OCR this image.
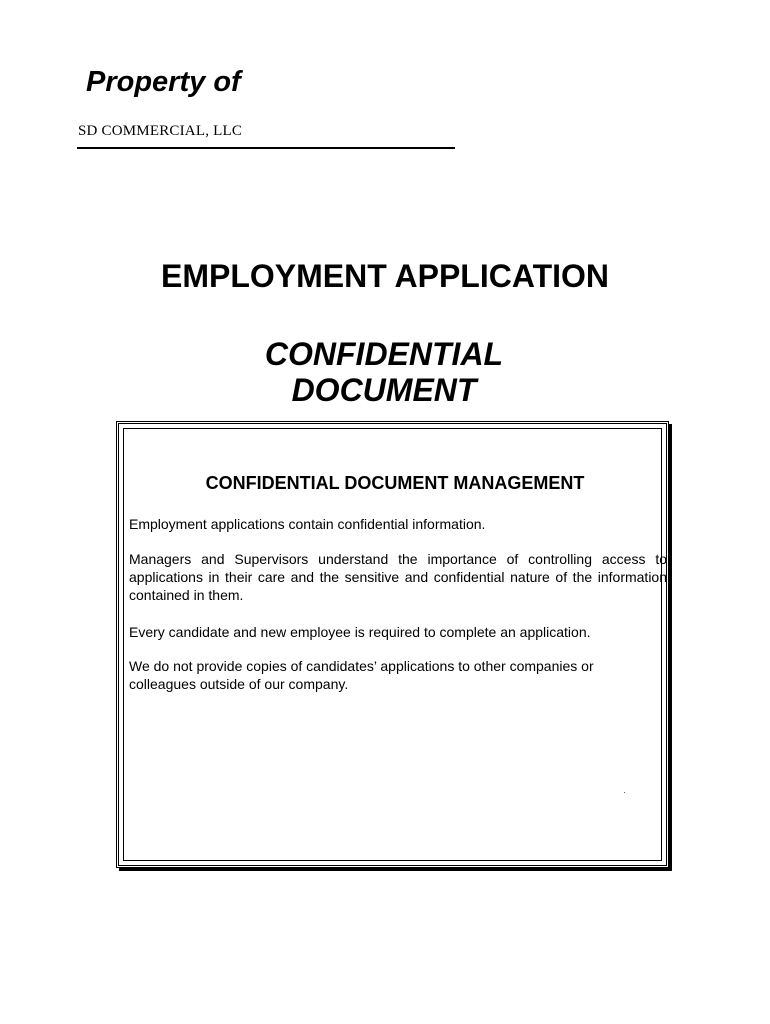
Property of
SD COMMERCIAL, LLC
EMPLOYMENT APPLICATION
CONFIDENTIAL
DOCUMENT
CONFIDENTIAL DOCUMENT MANAGEMENT

Employment applications contain confidential information.

Managers and Supervisors understand the importance of controlling access to applications in their care and the sensitive and confidential nature of the information contained in them.

Every candidate and new employee is required to complete an application.

We do not provide copies of candidates’ applications to other companies or colleagues outside of our company.
